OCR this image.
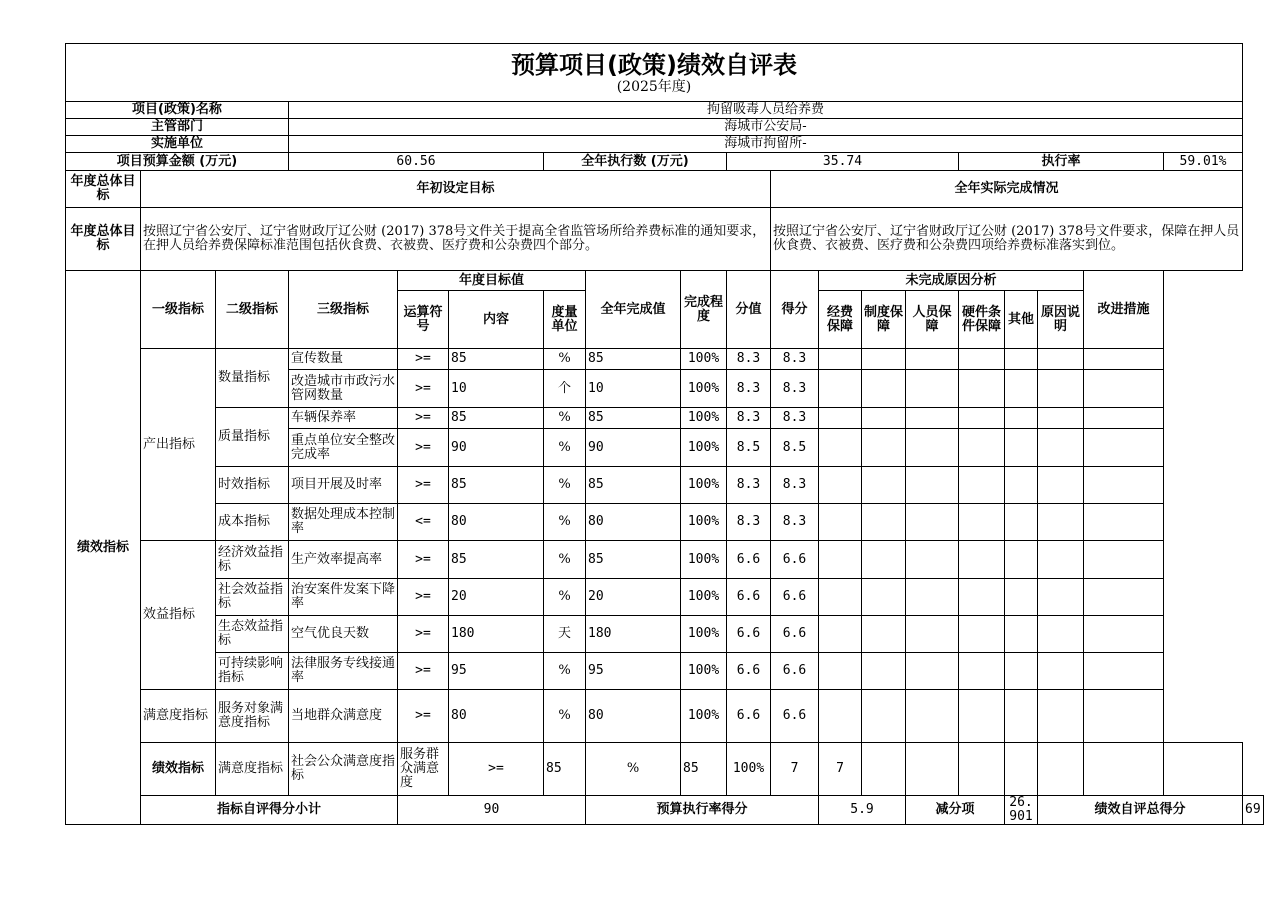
预算项目(政策)绩效自评表
(2025年度)																			

项目(政策)名称			拘留吸毒人员给养费																
主管部门			海城市公安局-																
实施单位			海城市拘留所-																
项目预算金额 (万元)			60.56			全年执行数 (万元)			35.74					执行率				59.01%	
年度总体目标	年初设定目标									全年实际完成情况									
年度总体目标	按照辽宁省公安厅、辽宁省财政厅辽公财 (2017) 378号文件关于提高全省监管场所给养费标准的通知要求，在押人员给养费保障标准范围包括伙食费、衣被费、医疗费和公杂费四个部分。									按照辽宁省公安厅、辽宁省财政厅辽公财 (2017) 378号文件要求，保障在押人员伙食费、衣被费、医疗费和公杂费四项给养费标准落实到位。									
绩效指标	一级指标	二级指标	三级指标	年度目标值			全年完成值	完成程度	分值	得分	未完成原因分析						改进措施		
				运算符号	内容	度量单位					经费保障	制度保障	人员保障	硬件条件保障	其他	原因说明			
	产出指标	数量指标	宣传数量	>=	85	%	85	100%	8.3	8.3									
			改造城市市政污水管网数量	>=	10	个	10	100%	8.3	8.3									
		质量指标	车辆保养率	>=	85	%	85	100%	8.3	8.3									
			重点单位安全整改完成率	>=	90	%	90	100%	8.5	8.5									
		时效指标	项目开展及时率	>=	85	%	85	100%	8.3	8.3									
		成本指标	数据处理成本控制率	<=	80	%	80	100%	8.3	8.3									
	效益指标	经济效益指标	生产效率提高率	>=	85	%	85	100%	6.6	6.6									
		社会效益指标	治安案件发案下降率	>=	20	%	20	100%	6.6	6.6									
		生态效益指标	空气优良天数	>=	180	天	180	100%	6.6	6.6									
		可持续影响指标	法律服务专线接通率	>=	95	%	95	100%	6.6	6.6									
	满意度指标	服务对象满意度指标	当地群众满意度	>=	80	%	80	100%	6.6	6.6									
	绩效指标	满意度指标	社会公众满意度指标	服务群众满意度	>=	85	%	85	100%	7	7								
	指标自评得分小计			90			预算执行率得分				5.9		减分项		26.901	绩效自评总得分			69
